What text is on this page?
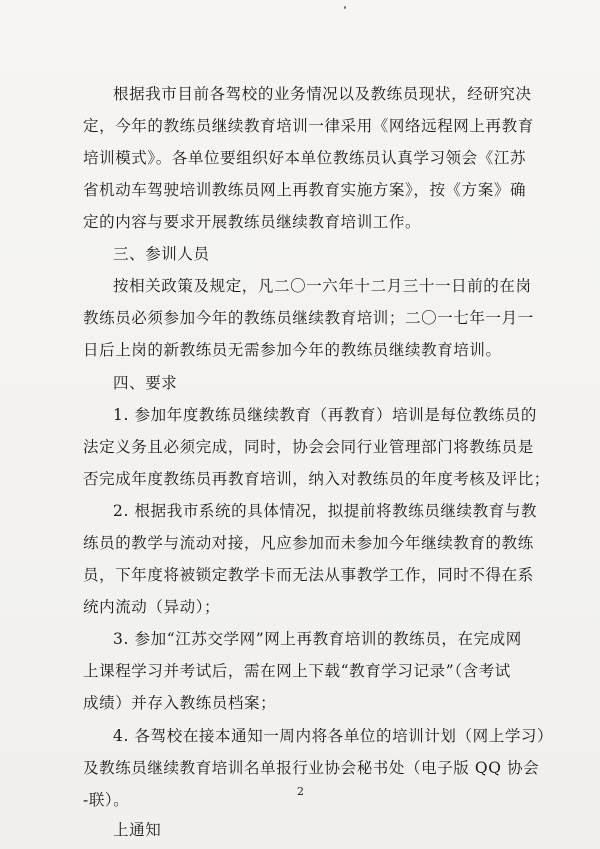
根据我市目前各驾校的业务情况以及教练员现状，经研究决
定，今年的教练员继续教育培训一律采用《网络远程网上再教育
培训模式》。各单位要组织好本单位教练员认真学习领会《江苏
省机动车驾驶培训教练员网上再教育实施方案》，按《方案》确
定的内容与要求开展教练员继续教育培训工作。
三、参训人员
按相关政策及规定，凡二〇一六年十二月三十一日前的在岗
教练员必须参加今年的教练员继续教育培训；二〇一七年一月一
日后上岗的新教练员无需参加今年的教练员继续教育培训。
四、要求
1. 参加年度教练员继续教育（再教育）培训是每位教练员的
法定义务且必须完成，同时，协会会同行业管理部门将教练员是
否完成年度教练员再教育培训，纳入对教练员的年度考核及评比；
2. 根据我市系统的具体情况，拟提前将教练员继续教育与教
练员的教学与流动对接，凡应参加而未参加今年继续教育的教练
员，下年度将被锁定教学卡而无法从事教学工作，同时不得在系
统内流动（异动）；
3. 参加“江苏交学网”网上再教育培训的教练员，在完成网
上课程学习并考试后，需在网上下载“教育学习记录”（含考试
成绩）并存入教练员档案；
4. 各驾校在接本通知一周内将各单位的培训计划（网上学习）
及教练员继续教育培训名单报行业协会秘书处（电子版 QQ 协会
-联）。
上通知
2
